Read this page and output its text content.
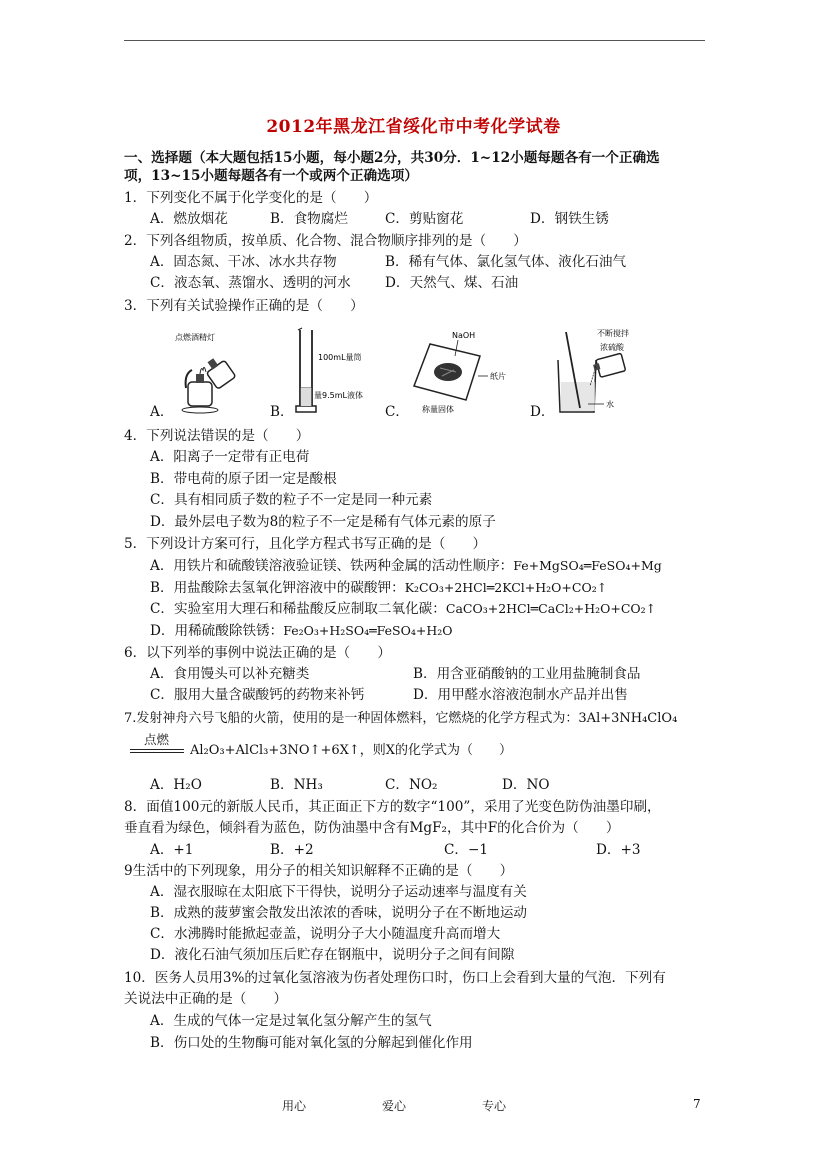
2012年黑龙江省绥化市中考化学试卷
一、选择题（本大题包括15小题，每小题2分，共30分．1~12小题每题各有一个正确选
项，13~15小题每题各有一个或两个正确选项）
1．下列变化不属于化学变化的是（　　）
A．燃放烟花	B．食物腐烂	C．剪贴窗花	D．钢铁生锈
2．下列各组物质，按单质、化合物、混合物顺序排列的是（　　）
A．固态氮、干冰、冰水共存物	B．稀有气体、氯化氢气体、液化石油气
C．液态氧、蒸馏水、透明的河水	D．天然气、煤、石油
3．下列有关试验操作正确的是（　　）
点燃酒精灯
A．
100mL量筒
量9.5mL液体
B．
NaOH
纸片
称量固体
C．
不断搅拌
浓硫酸
水
D．
4．下列说法错误的是（　　）
A．阳离子一定带有正电荷
B．带电荷的原子团一定是酸根
C．具有相同质子数的粒子不一定是同一种元素
D．最外层电子数为8的粒子不一定是稀有气体元素的原子
5．下列设计方案可行，且化学方程式书写正确的是（　　）
A．用铁片和硫酸镁溶液验证镁、铁两种金属的活动性顺序：Fe+MgSO₄═FeSO₄+Mg
B．用盐酸除去氢氧化钾溶液中的碳酸钾：K₂CO₃+2HCl═2KCl+H₂O+CO₂↑
C．实验室用大理石和稀盐酸反应制取二氧化碳：CaCO₃+2HCl═CaCl₂+H₂O+CO₂↑
D．用稀硫酸除铁锈：Fe₂O₃+H₂SO₄═FeSO₄+H₂O
6．以下列举的事例中说法正确的是（　　）
A．食用馒头可以补充糖类	B．用含亚硝酸钠的工业用盐腌制食品
C．服用大量含碳酸钙的药物来补钙	D．用甲醛水溶液泡制水产品并出售
7.发射神舟六号飞船的火箭，使用的是一种固体燃料，它燃烧的化学方程式为：3Al+3NH₄ClO₄
点燃
Al₂O₃+AlCl₃+3NO↑+6X↑，则X的化学式为（　　）
A．H₂O	B．NH₃	C．NO₂	D．NO
8．面值100元的新版人民币，其正面正下方的数字“100”，采用了光变色防伪油墨印刷，
垂直看为绿色，倾斜看为蓝色，防伪油墨中含有MgF₂，其中F的化合价为（　　）
A．+1	B．+2	C．−1	D．+3
9生活中的下列现象，用分子的相关知识解释不正确的是（　　）
A．湿衣服晾在太阳底下干得快，说明分子运动速率与温度有关
B．成熟的菠萝蜜会散发出浓浓的香味，说明分子在不断地运动
C．水沸腾时能掀起壶盖，说明分子大小随温度升高而增大
D．液化石油气须加压后贮存在钢瓶中，说明分子之间有间隙
10．医务人员用3%的过氧化氢溶液为伤者处理伤口时，伤口上会看到大量的气泡．下列有
关说法中正确的是（　　）
A．生成的气体一定是过氧化氢分解产生的氢气
B．伤口处的生物酶可能对氧化氢的分解起到催化作用
用心	爱心	专心	7
